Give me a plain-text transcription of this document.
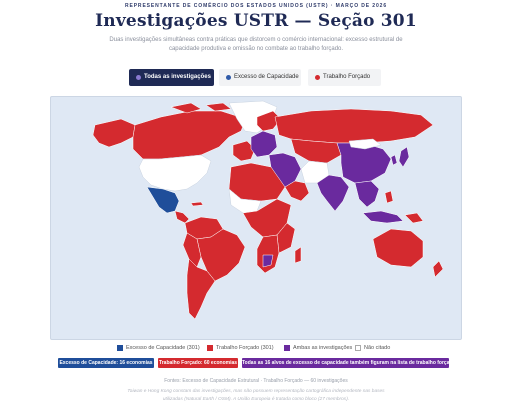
REPRESENTANTE DE COMÉRCIO DOS ESTADOS UNIDOS (USTR) · MARÇO DE 2026
Investigações USTR — Seção 301
Duas investigações simultâneas contra práticas que distorcem o comércio internacional: excesso estrutural de capacidade produtiva e omissão no combate ao trabalho forçado.
Todas as investigações	Excesso de Capacidade	Trabalho Forçado
Excesso de Capacidade (301)	Trabalho Forçado (301)	Ambas as investigações	Não citado
Excesso de Capacidade: 16 economias Trabalho Forçado: 60 economias Todas as 16 alvos de excesso de capacidade também figuram na lista de trabalho forçado
Fontes: Excesso de Capacidade Estrutural · Trabalho Forçado — 60 investigações
Taiwan e Hong Kong constam das investigações, mas não possuem representação cartográfica independente nas bases utilizadas (Natural Earth / OSM). A União Europeia é tratada como bloco (27 membros).
